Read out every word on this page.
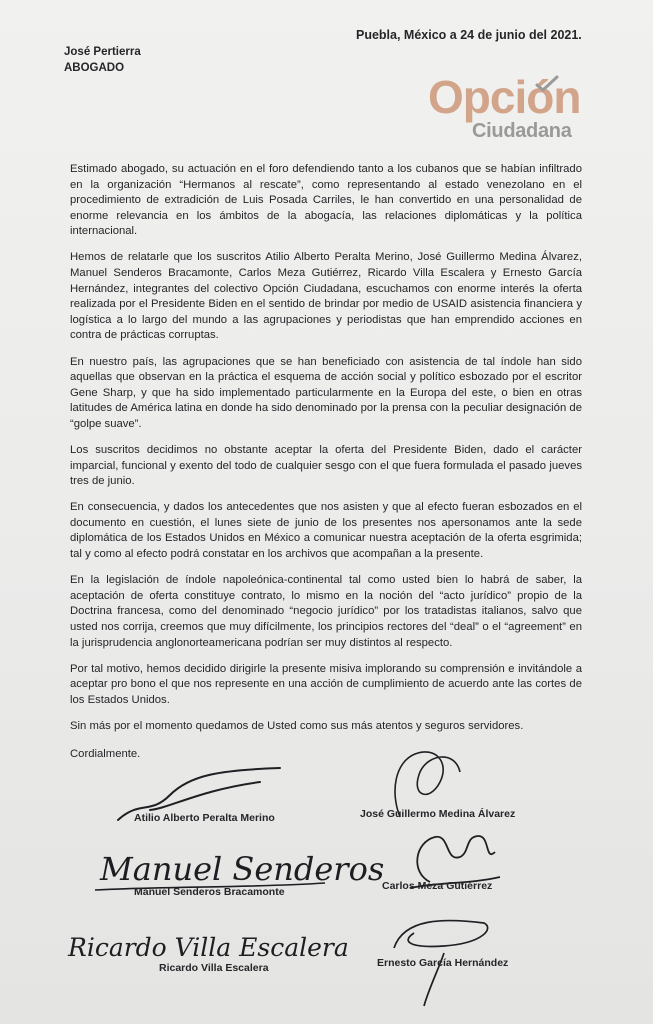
Puebla, México a 24 de junio del 2021.
José Pertierra
ABOGADO
Opción
Ciudadana

Estimado abogado, su actuación en el foro defendiendo tanto a los cubanos que se habían infiltrado en la organización “Hermanos al rescate”, como representando al estado venezolano en el procedimiento de extradición de Luis Posada Carriles, le han convertido en una personalidad de enorme relevancia en los ámbitos de la abogacía, las relaciones diplomáticas y la política internacional.

Hemos de relatarle que los suscritos Atilio Alberto Peralta Merino, José Guillermo Medina Álvarez, Manuel Senderos Bracamonte, Carlos Meza Gutiérrez, Ricardo Villa Escalera y Ernesto García Hernández, integrantes del colectivo Opción Ciudadana, escuchamos con enorme interés la oferta realizada por el Presidente Biden en el sentido de brindar por medio de USAID asistencia financiera y logística a lo largo del mundo a las agrupaciones y periodistas que han emprendido acciones en contra de prácticas corruptas.

En nuestro país, las agrupaciones que se han beneficiado con asistencia de tal índole han sido aquellas que observan en la práctica el esquema de acción social y político esbozado por el escritor Gene Sharp, y que ha sido implementado particularmente en la Europa del este, o bien en otras latitudes de América latina en donde ha sido denominado por la prensa con la peculiar designación de “golpe suave”.

Los suscritos decidimos no obstante aceptar la oferta del Presidente Biden, dado el carácter imparcial, funcional y exento del todo de cualquier sesgo con el que fuera formulada el pasado jueves tres de junio.

En consecuencia, y dados los antecedentes que nos asisten y que al efecto fueran esbozados en el documento en cuestión, el lunes siete de junio de los presentes nos apersonamos ante la sede diplomática de los Estados Unidos en México a comunicar nuestra aceptación de la oferta esgrimida; tal y como al efecto podrá constatar en los archivos que acompañan a la presente.

En la legislación de índole napoleónica-continental tal como usted bien lo habrá de saber, la aceptación de oferta constituye contrato, lo mismo en la noción del “acto jurídico” propio de la Doctrina francesa, como del denominado “negocio jurídico” por los tratadistas italianos, salvo que usted nos corrija, creemos que muy difícilmente, los principios rectores del “deal” o el “agreement” en la jurisprudencia anglonorteamericana podrían ser muy distintos al respecto.

Por tal motivo, hemos decidido dirigirle la presente misiva implorando su comprensión e invitándole a aceptar pro bono el que nos represente en una acción de cumplimiento de acuerdo ante las cortes de los Estados Unidos.

Sin más por el momento quedamos de Usted como sus más atentos y seguros servidores.

Cordialmente.

Atilio Alberto Peralta Merino	José Guillermo Medina Álvarez
Manuel Senderos
Manuel Senderos Bracamonte	Carlos Meza Gutiérrez
Ricardo Villa Escalera
Ricardo Villa Escalera	Ernesto García Hernández
